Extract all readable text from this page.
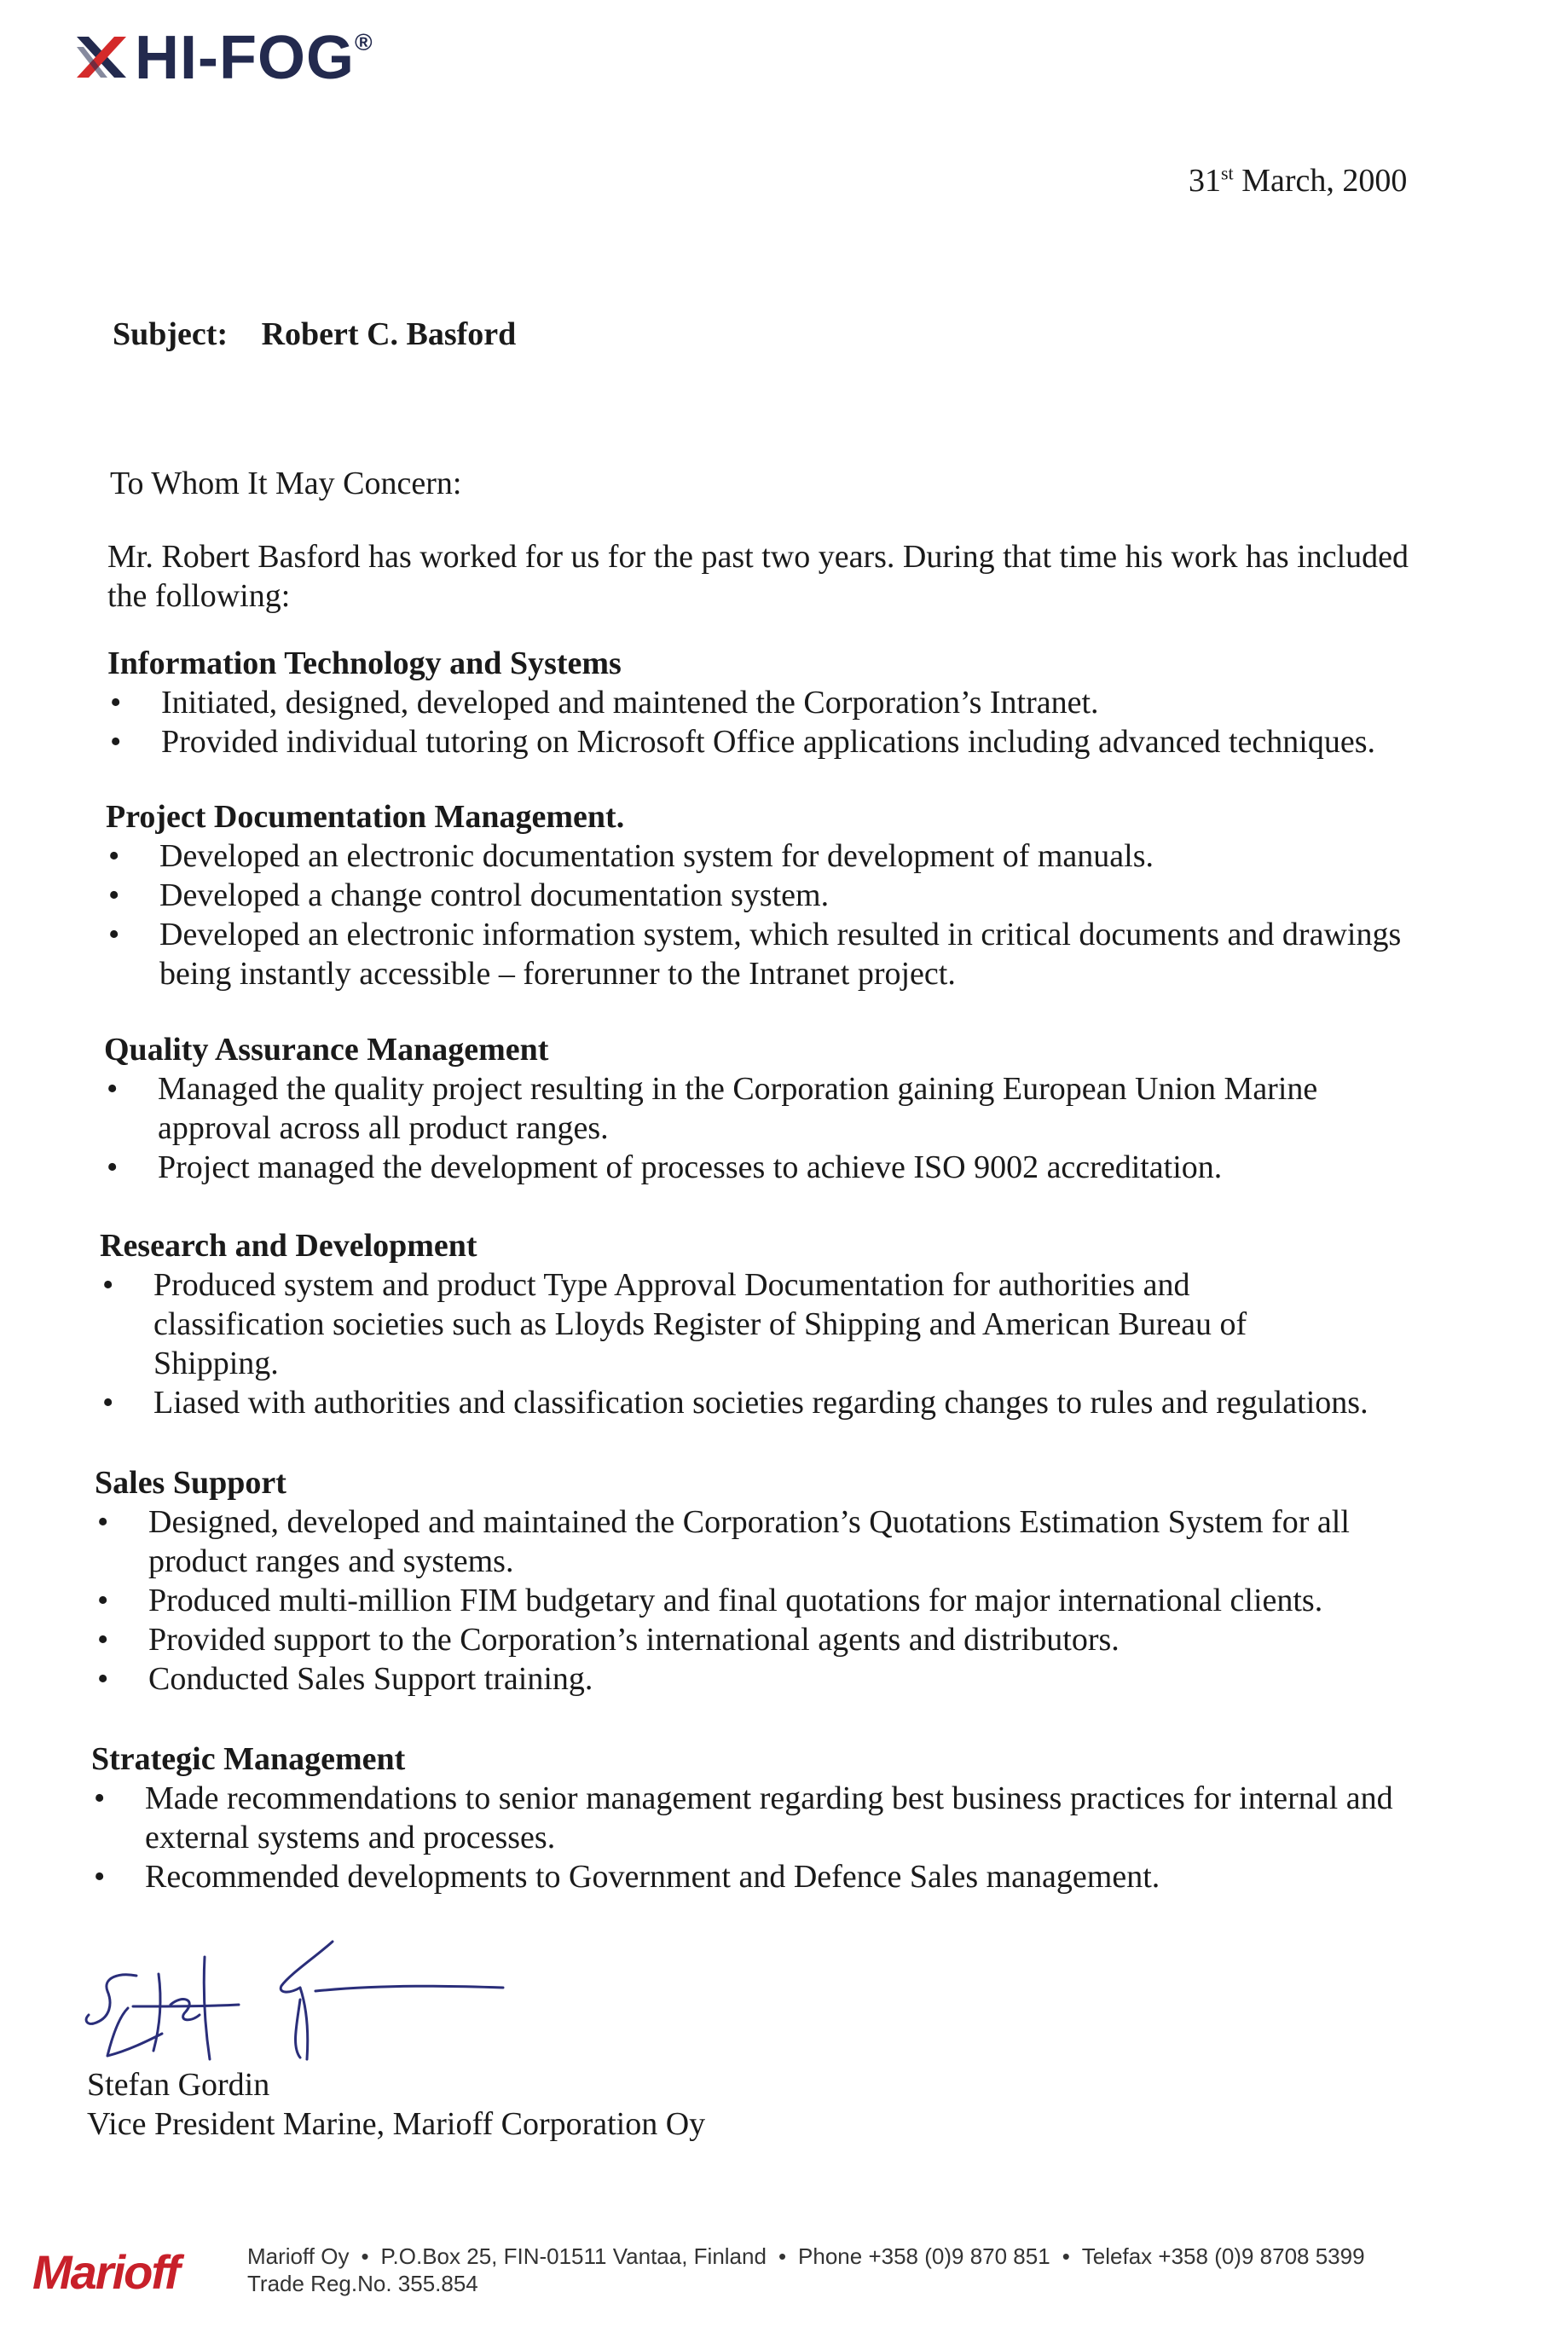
HI-FOG ®
31st March, 2000
Subject: Robert C. Basford
To Whom It May Concern:
Mr. Robert Basford has worked for us for the past two years. During that time his work has included the following:
Information Technology and Systems
• Initiated, designed, developed and maintened the Corporation’s Intranet.
• Provided individual tutoring on Microsoft Office applications including advanced techniques.
Project Documentation Management.
• Developed an electronic documentation system for development of manuals.
• Developed a change control documentation system.
• Developed an electronic information system, which resulted in critical documents and drawings being instantly accessible – forerunner to the Intranet project.
Quality Assurance Management
• Managed the quality project resulting in the Corporation gaining European Union Marine approval across all product ranges.
• Project managed the development of processes to achieve ISO 9002 accreditation.
Research and Development
• Produced system and product Type Approval Documentation for authorities and classification societies such as Lloyds Register of Shipping and American Bureau of Shipping.
• Liased with authorities and classification societies regarding changes to rules and regulations.
Sales Support
• Designed, developed and maintained the Corporation’s Quotations Estimation System for all product ranges and systems.
• Produced multi-million FIM budgetary and final quotations for major international clients.
• Provided support to the Corporation’s international agents and distributors.
• Conducted Sales Support training.
Strategic Management
• Made recommendations to senior management regarding best business practices for internal and external systems and processes.
• Recommended developments to Government and Defence Sales management.
Stefan Gordin
Vice President Marine, Marioff Corporation Oy
Marioff	Marioff Oy • P.O.Box 25, FIN-01511 Vantaa, Finland • Phone +358 (0)9 870 851 • Telefax +358 (0)9 8708 5399
Trade Reg.No. 355.854
